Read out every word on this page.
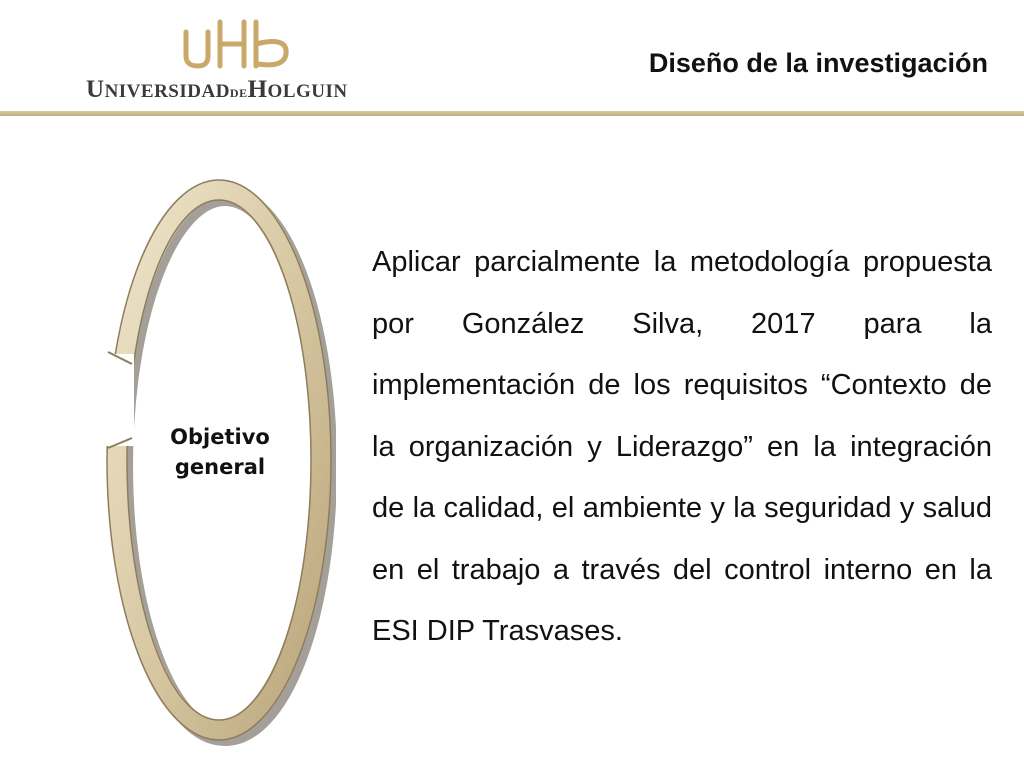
UNIVERSIDADDEHOLGUIN
Diseño de la investigación
Objetivo
general
Aplicar parcialmente la metodología propuesta por González Silva, 2017 para la implementación de los requisitos “Contexto de la organización y Liderazgo” en la integración de la calidad, el ambiente y la seguridad y salud en el trabajo a través del control interno en la ESI DIP Trasvases.
